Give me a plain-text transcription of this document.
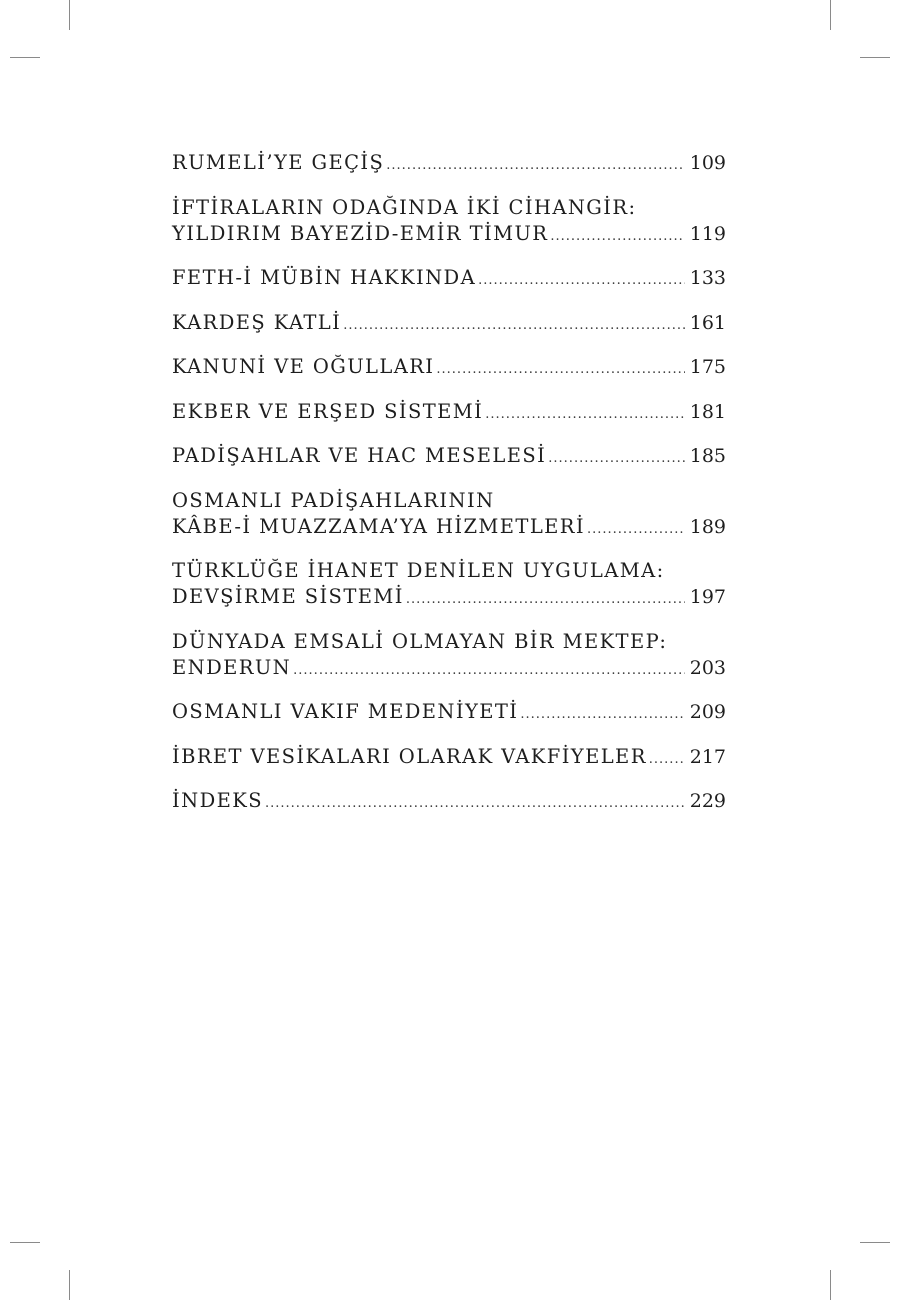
RUMELİ’YE GEÇİŞ .....	109
İFTİRALARIN ODAĞINDA İKİ CİHANGİR:
YILDIRIM BAYEZİD-EMİR TİMUR .....	119
FETH-İ MÜBİN HAKKINDA .....	133
KARDEŞ KATLİ .....	161
KANUNİ VE OĞULLARI .....	175
EKBER VE ERŞED SİSTEMİ .....	181
PADİŞAHLAR VE HAC MESELESİ .....	185
OSMANLI PADİŞAHLARININ
KÂBE-İ MUAZZAMA’YA HİZMETLERİ .....	189
TÜRKLÜĞE İHANET DENİLEN UYGULAMA:
DEVŞİRME SİSTEMİ .....	197
DÜNYADA EMSALİ OLMAYAN BİR MEKTEP:
ENDERUN .....	203
OSMANLI VAKIF MEDENİYETİ .....	209
İBRET VESİKALARI OLARAK VAKFİYELER ..... 217
İNDEKS .....	229
